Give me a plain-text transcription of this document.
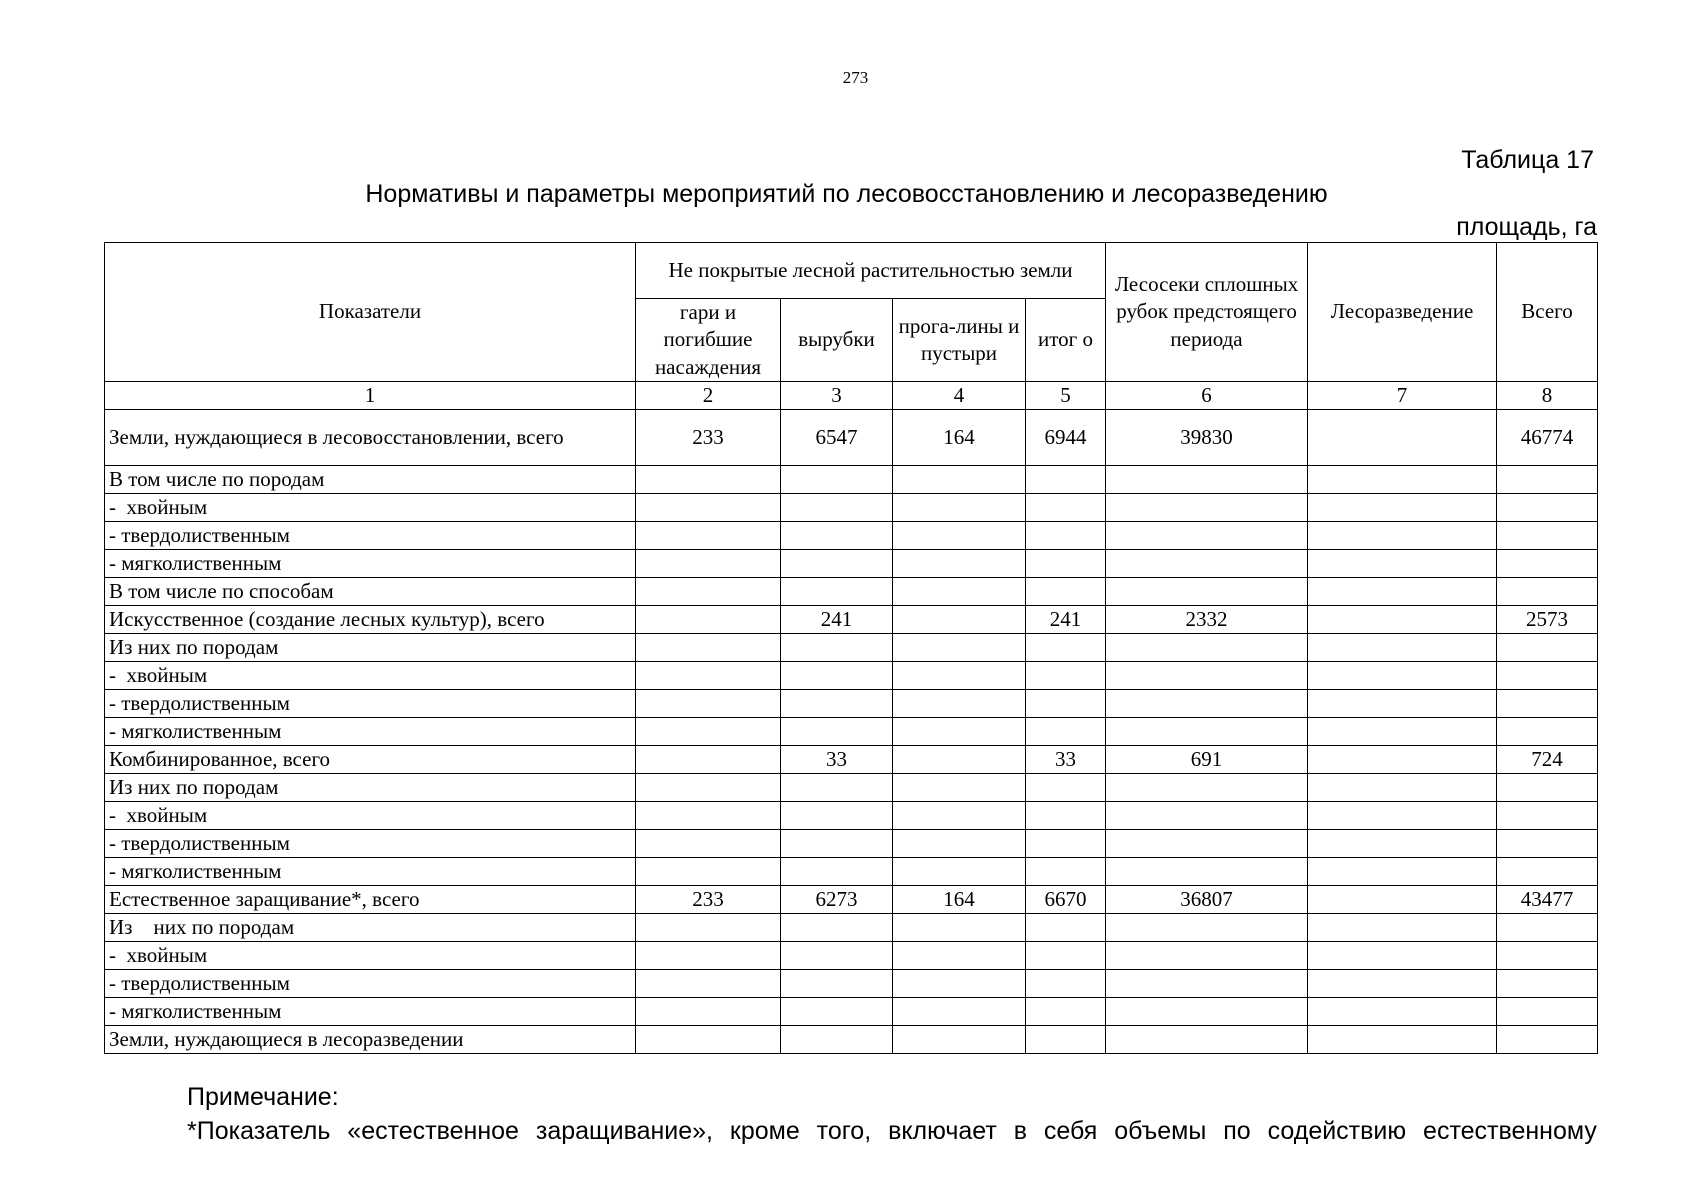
273
Таблица 17
Нормативы и параметры мероприятий по лесовосстановлению и лесоразведению
площадь, га
Показатели	Не покрытые лесной растительностью земли				Лесосеки сплошных рубок предстоящего периода	Лесоразведение	Всего
	гари и погибшие насаждения	вырубки	прога-лины и пустыри	итог о			
1	2	3	4	5	6	7	8
Земли, нуждающиеся в лесовосстановлении, всего	233	6547	164	6944	39830		46774
В том числе по породам							
-  хвойным							
- твердолиственным							
- мягколиственным							
В том числе по способам							
Искусственное (создание лесных культур), всего		241		241	2332		2573
Из них по породам							
-  хвойным							
- твердолиственным							
- мягколиственным							
Комбинированное, всего		33		33	691		724
Из них по породам							
-  хвойным							
- твердолиственным							
- мягколиственным							
Естественное заращивание*, всего	233	6273	164	6670	36807		43477
Из    них по породам							
-  хвойным							
- твердолиственным							
- мягколиственным							
Земли, нуждающиеся в лесоразведении							
Примечание:
*Показатель «естественное заращивание», кроме того, включает в себя объемы по содействию естественному
